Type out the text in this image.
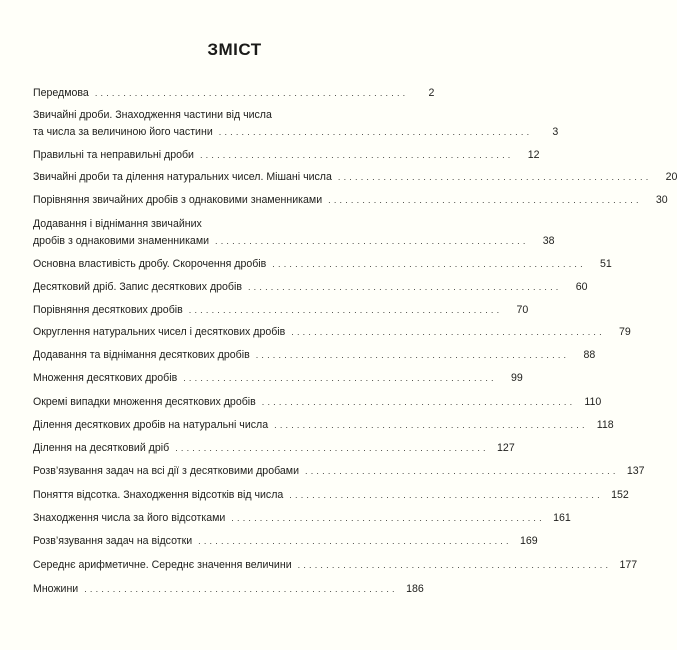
ЗМІСТ
Передмова .......................................................	2
Звичайні дроби. Знаходження частини від числа
та числа за величиною його частини .......................................................	3
Правильні та неправильні дроби .......................................................	12
Звичайні дроби та ділення натуральних чисел. Мішані числа .......................................................	20
Порівняння звичайних дробів з однаковими знаменниками .......................................................	30
Додавання і віднімання звичайних
дробів з однаковими знаменниками .......................................................	38
Основна властивість дробу. Скорочення дробів .......................................................	51
Десятковий дріб. Запис десяткових дробів .......................................................	60
Порівняння десяткових дробів .......................................................	70
Округлення натуральних чисел і десяткових дробів .......................................................	79
Додавання та віднімання десяткових дробів .......................................................	88
Множення десяткових дробів .......................................................	99
Окремі випадки множення десяткових дробів ....................................................... 110
Ділення десяткових дробів на натуральні числа ....................................................... 118
Ділення на десятковий дріб ....................................................... 127
Розв’язування задач на всі дії з десятковими дробами ....................................................... 137
Поняття відсотка. Знаходження відсотків від числа ....................................................... 152
Знаходження числа за його відсотками ....................................................... 161
Розв’язування задач на відсотки ....................................................... 169
Середнє арифметичне. Середнє значення величини ....................................................... 177
Множини ....................................................... 186
